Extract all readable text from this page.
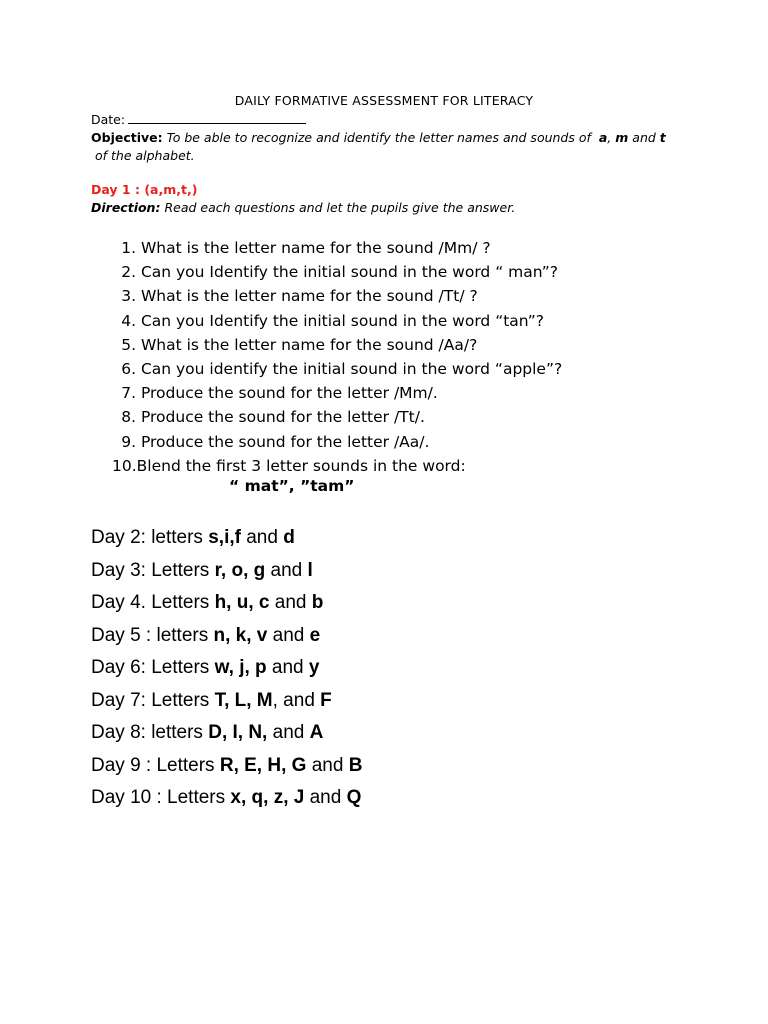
DAILY FORMATIVE ASSESSMENT FOR LITERACY
Date:
Objective: To be able to recognize and identify the letter names and sounds of a, m and t  of the alphabet.
Day 1 : (a,m,t,)
Direction: Read each questions and let the pupils give the answer.
1. What is the letter name for the sound /Mm/ ?
2. Can you Identify the initial sound in the word “ man”?
3. What is the letter name for the sound /Tt/ ?
4. Can you Identify the initial sound in the word “tan”?
5. What is the letter name for the sound /Aa/?
6. Can you identify the initial sound in the word “apple”?
7. Produce the sound for the letter /Mm/.
8. Produce the sound for the letter /Tt/.
9. Produce the sound for the letter /Aa/.
10.Blend the first 3 letter sounds in the word:
“ mat”, ”tam”
Day 2: letters s,i,f and d
Day 3: Letters r, o, g and l
Day 4. Letters h, u, c and b
Day 5 : letters n, k, v and e
Day 6: Letters w, j, p and y
Day 7: Letters T, L, M, and F
Day 8: letters D, I, N, and A
Day 9 : Letters R, E, H, G and B
Day 10 : Letters x, q, z, J and Q
